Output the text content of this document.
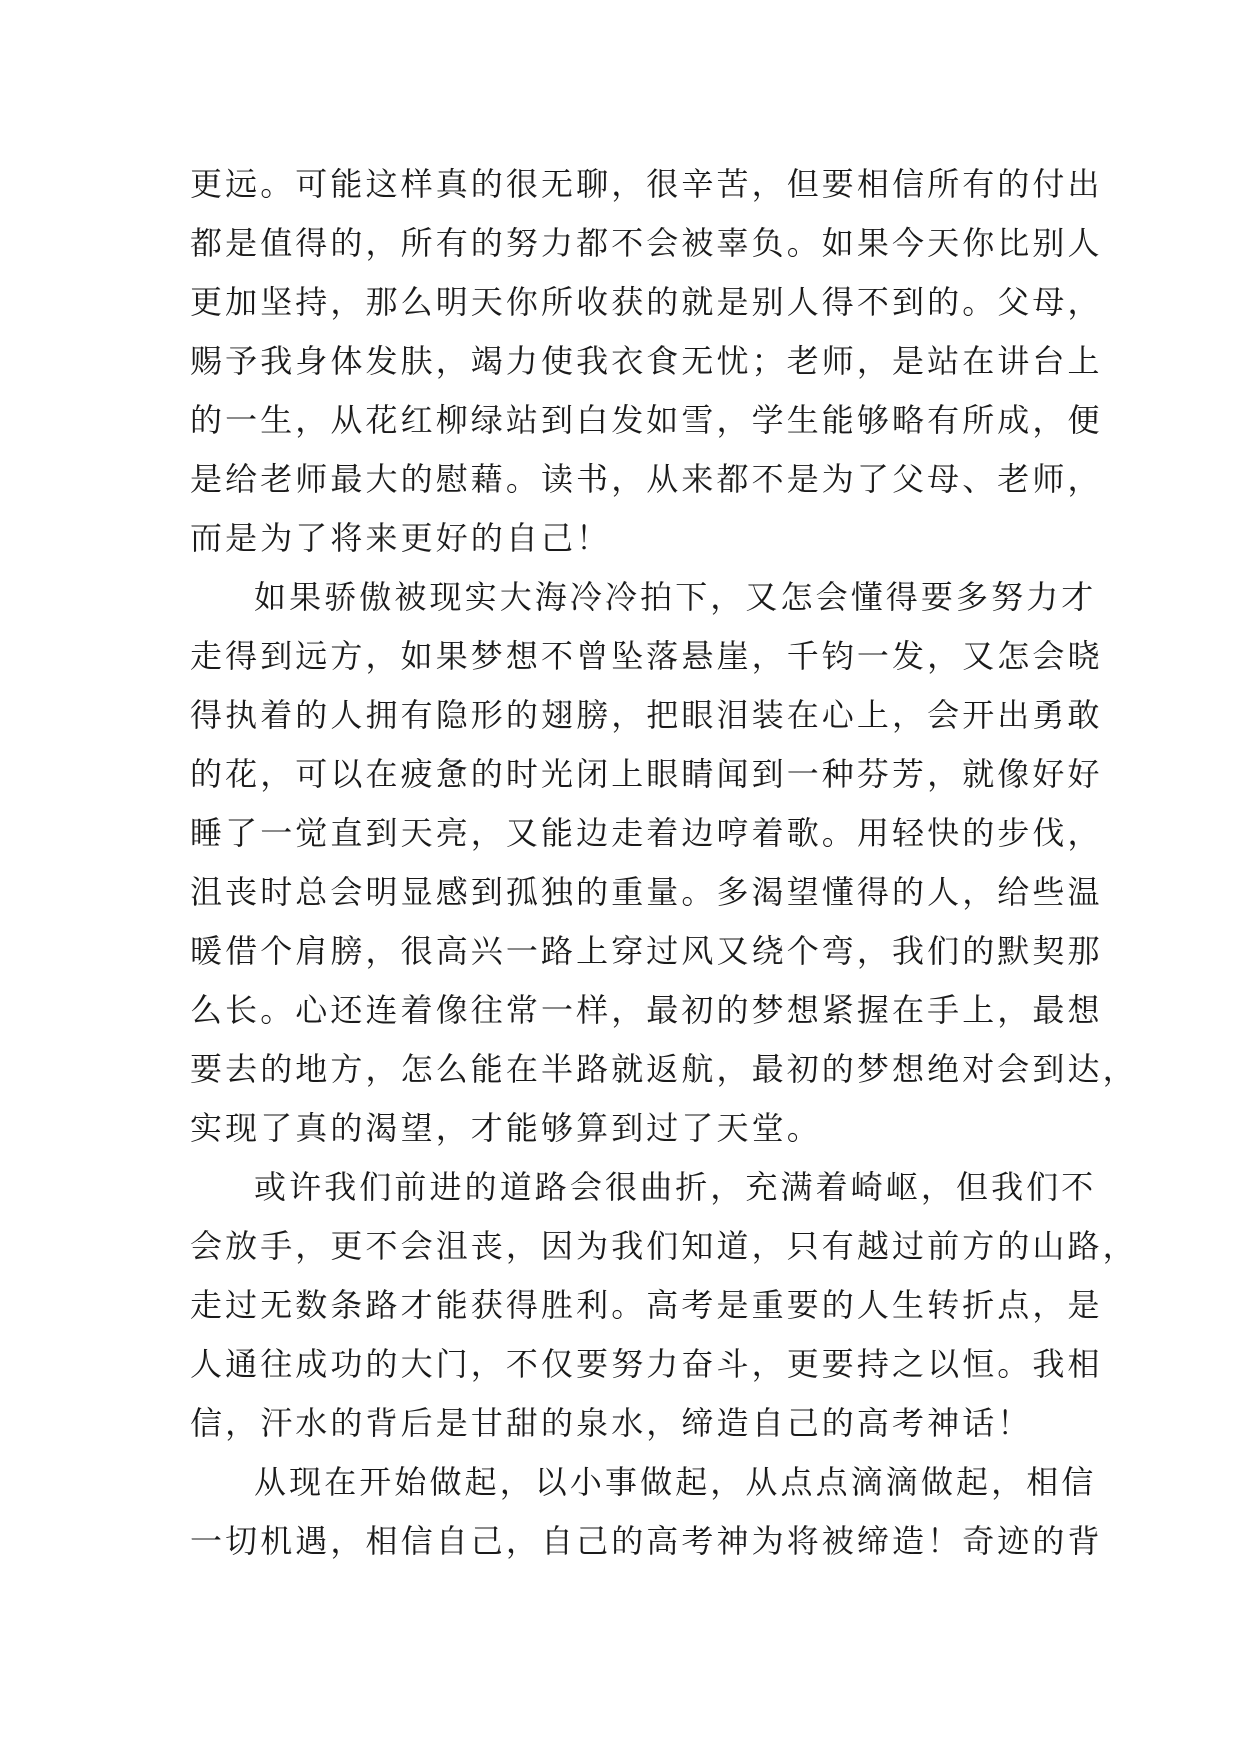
更远。可能这样真的很无聊，很辛苦，但要相信所有的付出
都是值得的，所有的努力都不会被辜负。如果今天你比别人
更加坚持，那么明天你所收获的就是别人得不到的。父母，
赐予我身体发肤，竭力使我衣食无忧；老师，是站在讲台上
的一生，从花红柳绿站到白发如雪，学生能够略有所成，便
是给老师最大的慰藉。读书，从来都不是为了父母、老师，
而是为了将来更好的自己！
如果骄傲被现实大海冷冷拍下，又怎会懂得要多努力才
走得到远方，如果梦想不曾坠落悬崖，千钧一发，又怎会晓
得执着的人拥有隐形的翅膀，把眼泪装在心上，会开出勇敢
的花，可以在疲惫的时光闭上眼睛闻到一种芬芳，就像好好
睡了一觉直到天亮，又能边走着边哼着歌。用轻快的步伐，
沮丧时总会明显感到孤独的重量。多渴望懂得的人，给些温
暖借个肩膀，很高兴一路上穿过风又绕个弯，我们的默契那
么长。心还连着像往常一样，最初的梦想紧握在手上，最想
要去的地方，怎么能在半路就返航，最初的梦想绝对会到达，
实现了真的渴望，才能够算到过了天堂。
或许我们前进的道路会很曲折，充满着崎岖，但我们不
会放手，更不会沮丧，因为我们知道，只有越过前方的山路，
走过无数条路才能获得胜利。高考是重要的人生转折点，是
人通往成功的大门，不仅要努力奋斗，更要持之以恒。我相
信，汗水的背后是甘甜的泉水，缔造自己的高考神话！
从现在开始做起，以小事做起，从点点滴滴做起，相信
一切机遇，相信自己，自己的高考神为将被缔造！奇迹的背
